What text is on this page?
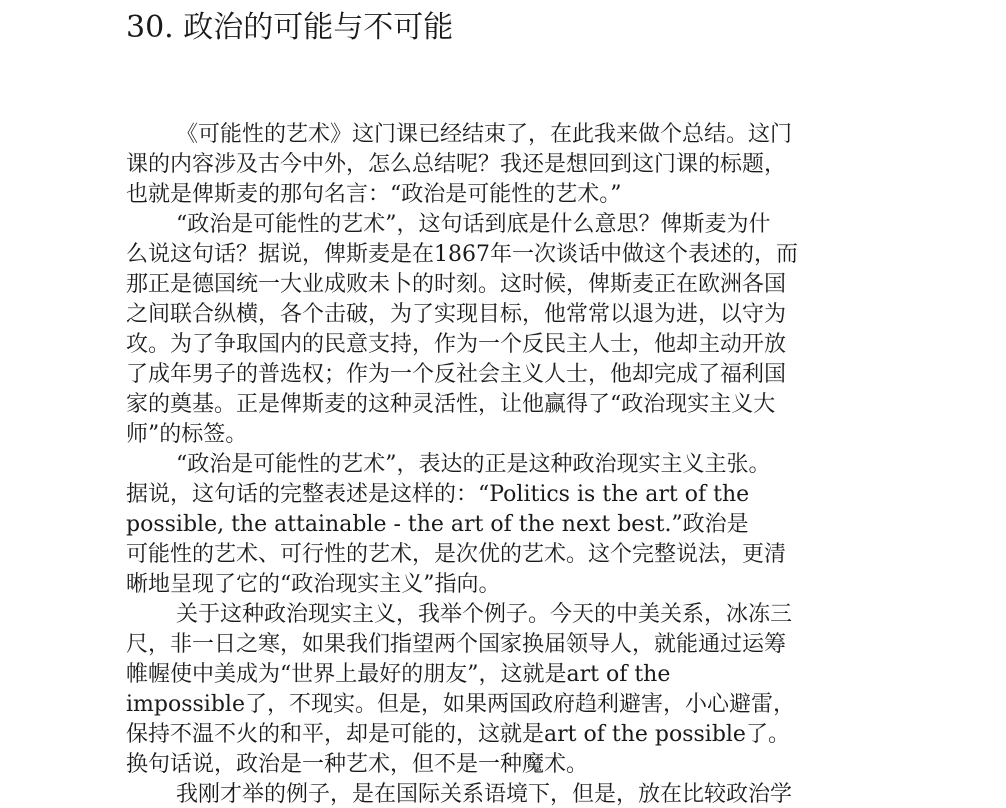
30. 政治的可能与不可能
《可能性的艺术》这门课已经结束了，在此我来做个总结。这门
课的内容涉及古今中外，怎么总结呢？我还是想回到这门课的标题，
也就是俾斯麦的那句名言：“政治是可能性的艺术。”
“政治是可能性的艺术”，这句话到底是什么意思？俾斯麦为什
么说这句话？据说，俾斯麦是在1867年一次谈话中做这个表述的，而
那正是德国统一大业成败未卜的时刻。这时候，俾斯麦正在欧洲各国
之间联合纵横，各个击破，为了实现目标，他常常以退为进，以守为
攻。为了争取国内的民意支持，作为一个反民主人士，他却主动开放
了成年男子的普选权；作为一个反社会主义人士，他却完成了福利国
家的奠基。正是俾斯麦的这种灵活性，让他赢得了“政治现实主义大
师”的标签。
“政治是可能性的艺术”，表达的正是这种政治现实主义主张。
据说，这句话的完整表述是这样的：“Politics is the art of the
possible, the attainable - the art of the next best.”政治是
可能性的艺术、可行性的艺术，是次优的艺术。这个完整说法，更清
晰地呈现了它的“政治现实主义”指向。
关于这种政治现实主义，我举个例子。今天的中美关系，冰冻三
尺，非一日之寒，如果我们指望两个国家换届领导人，就能通过运筹
帷幄使中美成为“世界上最好的朋友”，这就是art of the
impossible了，不现实。但是，如果两国政府趋利避害，小心避雷，
保持不温不火的和平，却是可能的，这就是art of the possible了。
换句话说，政治是一种艺术，但不是一种魔术。
我刚才举的例子，是在国际关系语境下，但是，放在比较政治学
